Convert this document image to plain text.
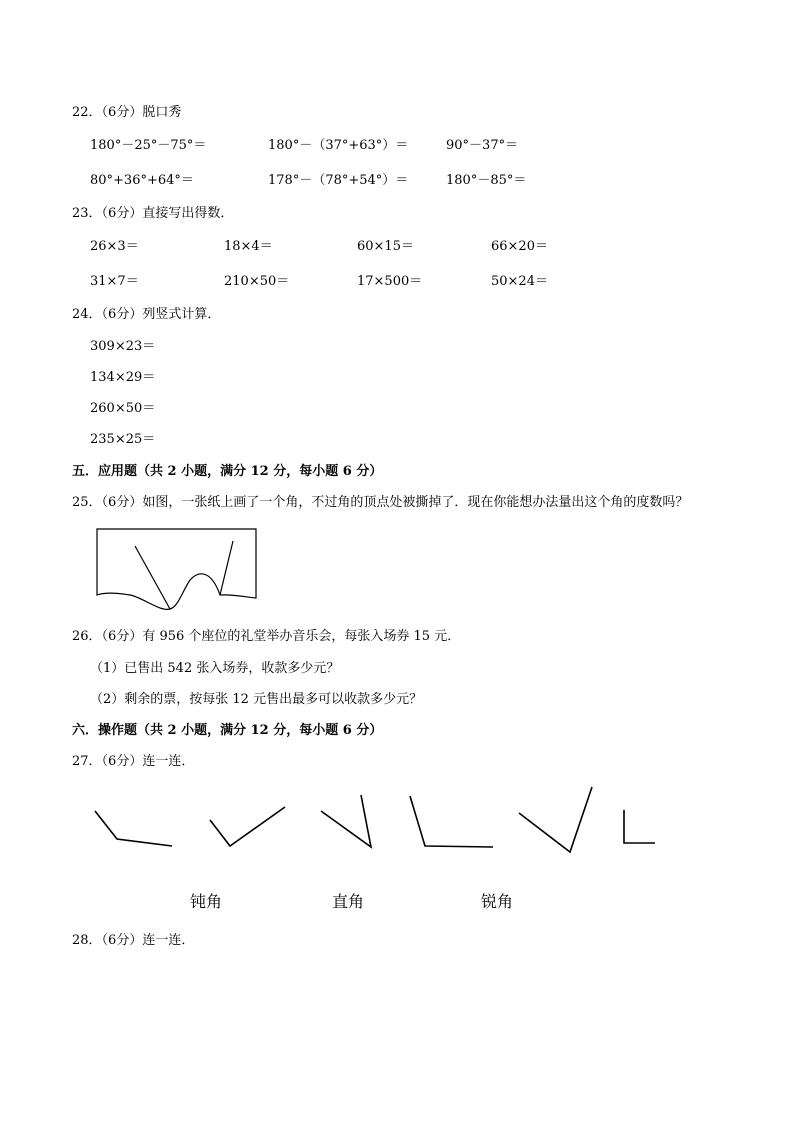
22．（6分）脱口秀
180°－25°－75°＝	180°－（37°+63°）＝	90°－37°＝
80°+36°+64°＝	178°－（78°+54°）＝	180°－85°＝
23．（6分）直接写出得数．
26×3＝	18×4＝	60×15＝	66×20＝
31×7＝	210×50＝	17×500＝	50×24＝
24．（6分）列竖式计算．
309×23＝
134×29＝
260×50＝
235×25＝
五．应用题（共 2 小题，满分 12 分，每小题 6 分）
25．（6分）如图，一张纸上画了一个角，不过角的顶点处被撕掉了．现在你能想办法量出这个角的度数吗？
26．（6分）有 956 个座位的礼堂举办音乐会，每张入场券 15 元．
（1）已售出 542 张入场券，收款多少元？
（2）剩余的票，按每张 12 元售出最多可以收款多少元？
六．操作题（共 2 小题，满分 12 分，每小题 6 分）
27．（6分）连一连．
钝角	直角	锐角
28．（6分）连一连．
